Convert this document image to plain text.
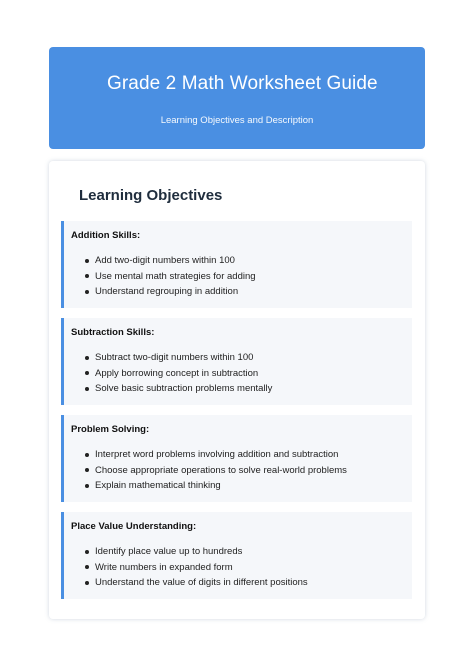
Grade 2 Math Worksheet Guide

Learning Objectives and Description

Learning Objectives
Addition Skills:
Add two-digit numbers within 100
Use mental math strategies for adding
Understand regrouping in addition
Subtraction Skills:
Subtract two-digit numbers within 100
Apply borrowing concept in subtraction
Solve basic subtraction problems mentally
Problem Solving:
Interpret word problems involving addition and subtraction
Choose appropriate operations to solve real-world problems
Explain mathematical thinking
Place Value Understanding:
Identify place value up to hundreds
Write numbers in expanded form
Understand the value of digits in different positions
